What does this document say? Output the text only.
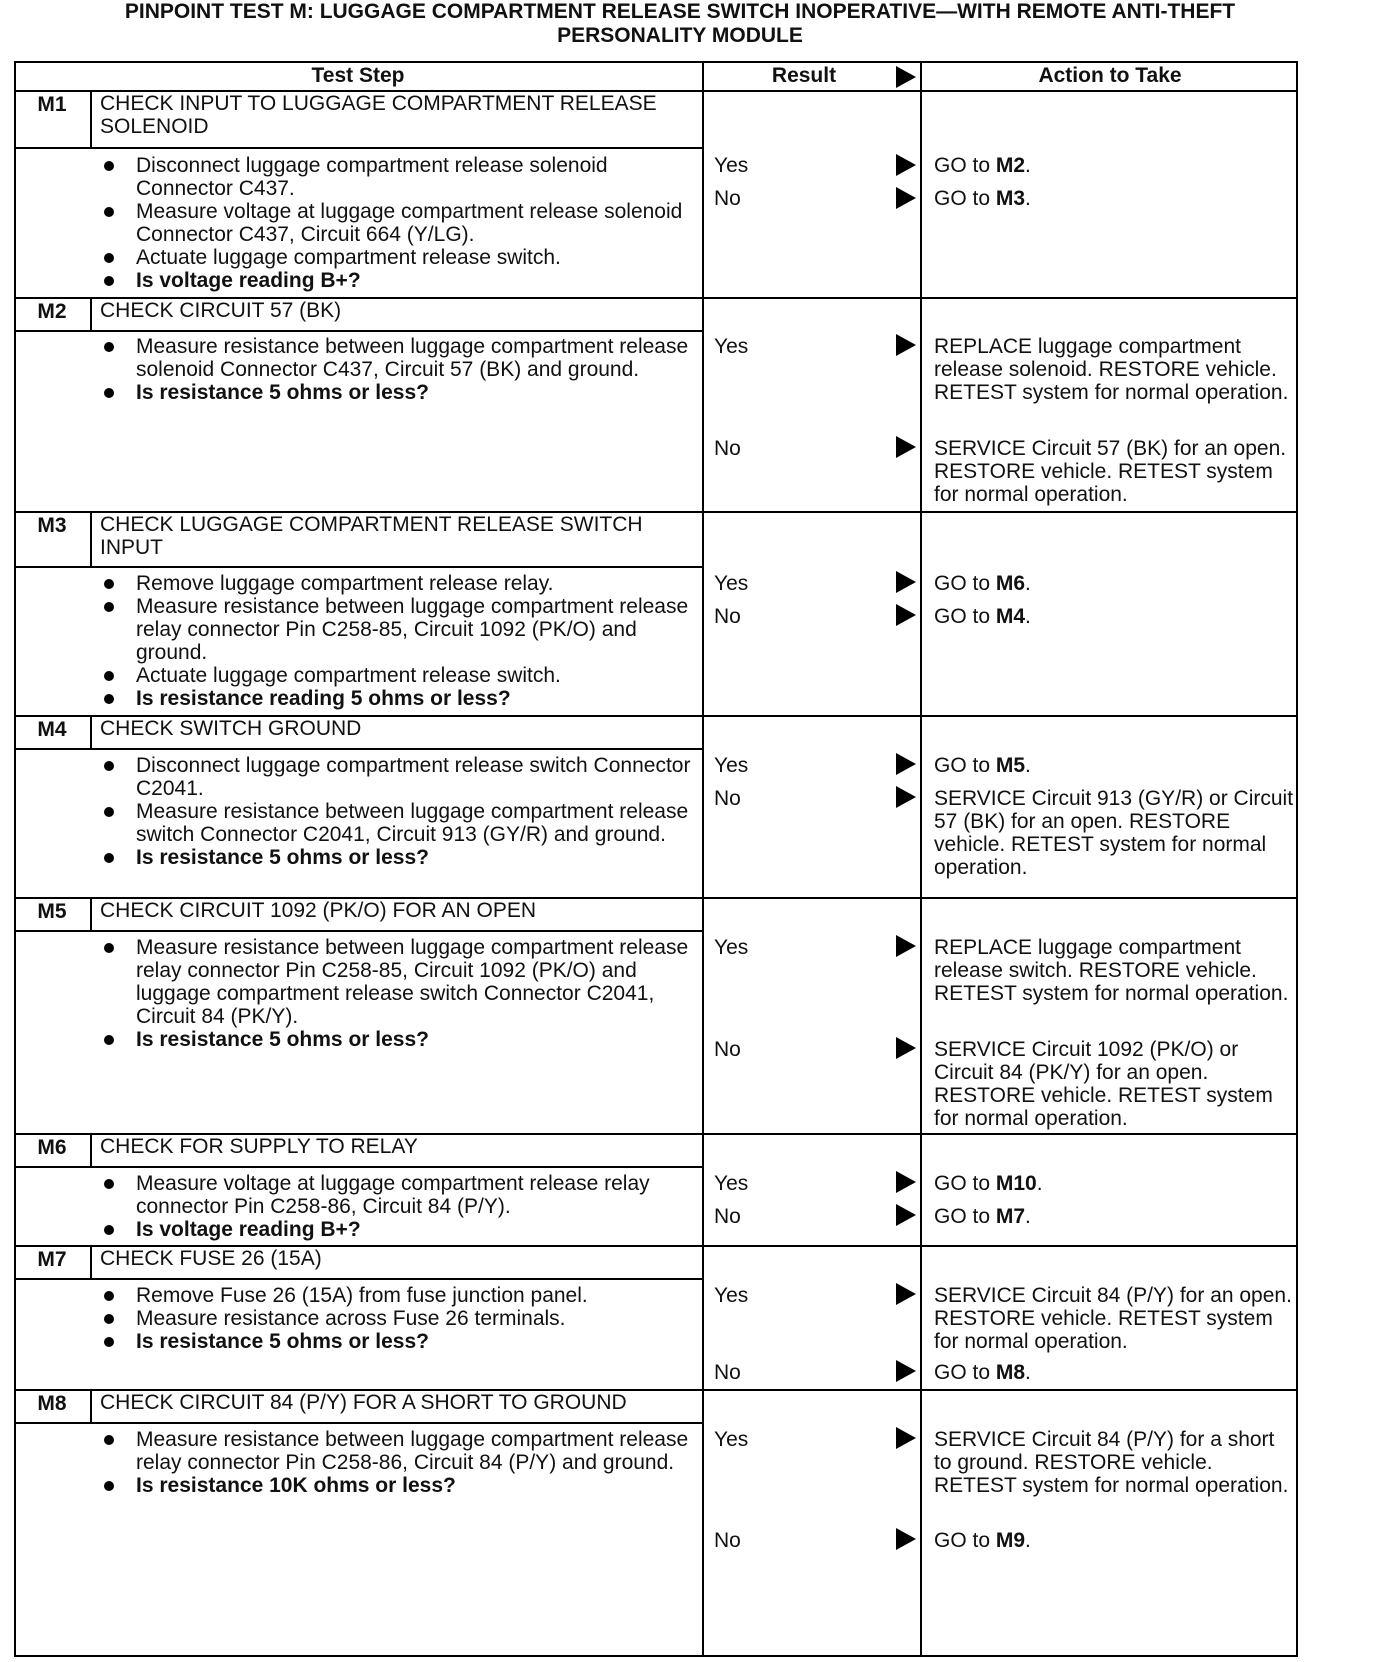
PINPOINT TEST M: LUGGAGE COMPARTMENT RELEASE SWITCH INOPERATIVE—WITH REMOTE ANTI-THEFT
PERSONALITY MODULE
Test Step	Result	Action to Take
M1	CHECK INPUT TO LUGGAGE COMPARTMENT RELEASE SOLENOID
Disconnect luggage compartment release solenoid Connector C437.
Measure voltage at luggage compartment release solenoid Connector C437, Circuit 664 (Y/LG).
Actuate luggage compartment release switch.
Is voltage reading B+?
Yes	GO to M2.
No	GO to M3.
M2	CHECK CIRCUIT 57 (BK)
Measure resistance between luggage compartment release solenoid Connector C437, Circuit 57 (BK) and ground.
Is resistance 5 ohms or less?
Yes	REPLACE luggage compartment release solenoid. RESTORE vehicle. RETEST system for normal operation.
No	SERVICE Circuit 57 (BK) for an open. RESTORE vehicle. RETEST system for normal operation.
M3	CHECK LUGGAGE COMPARTMENT RELEASE SWITCH INPUT
Remove luggage compartment release relay.
Measure resistance between luggage compartment release relay connector Pin C258-85, Circuit 1092 (PK/O) and ground.
Actuate luggage compartment release switch.
Is resistance reading 5 ohms or less?
Yes	GO to M6.
No	GO to M4.
M4	CHECK SWITCH GROUND
Disconnect luggage compartment release switch Connector C2041.
Measure resistance between luggage compartment release switch Connector C2041, Circuit 913 (GY/R) and ground.
Is resistance 5 ohms or less?
Yes	GO to M5.
No	SERVICE Circuit 913 (GY/R) or Circuit 57 (BK) for an open. RESTORE vehicle. RETEST system for normal operation.
M5	CHECK CIRCUIT 1092 (PK/O) FOR AN OPEN
Measure resistance between luggage compartment release relay connector Pin C258-85, Circuit 1092 (PK/O) and luggage compartment release switch Connector C2041, Circuit 84 (PK/Y).
Is resistance 5 ohms or less?
Yes	REPLACE luggage compartment release switch. RESTORE vehicle. RETEST system for normal operation.
No	SERVICE Circuit 1092 (PK/O) or Circuit 84 (PK/Y) for an open. RESTORE vehicle. RETEST system for normal operation.
M6	CHECK FOR SUPPLY TO RELAY
Measure voltage at luggage compartment release relay connector Pin C258-86, Circuit 84 (P/Y).
Is voltage reading B+?
Yes	GO to M10.
No	GO to M7.
M7	CHECK FUSE 26 (15A)
Remove Fuse 26 (15A) from fuse junction panel.
Measure resistance across Fuse 26 terminals.
Is resistance 5 ohms or less?
Yes	SERVICE Circuit 84 (P/Y) for an open. RESTORE vehicle. RETEST system for normal operation.
No	GO to M8.
M8	CHECK CIRCUIT 84 (P/Y) FOR A SHORT TO GROUND
Measure resistance between luggage compartment release relay connector Pin C258-86, Circuit 84 (P/Y) and ground.
Is resistance 10K ohms or less?
Yes	SERVICE Circuit 84 (P/Y) for a short to ground. RESTORE vehicle. RETEST system for normal operation.
No	GO to M9.
